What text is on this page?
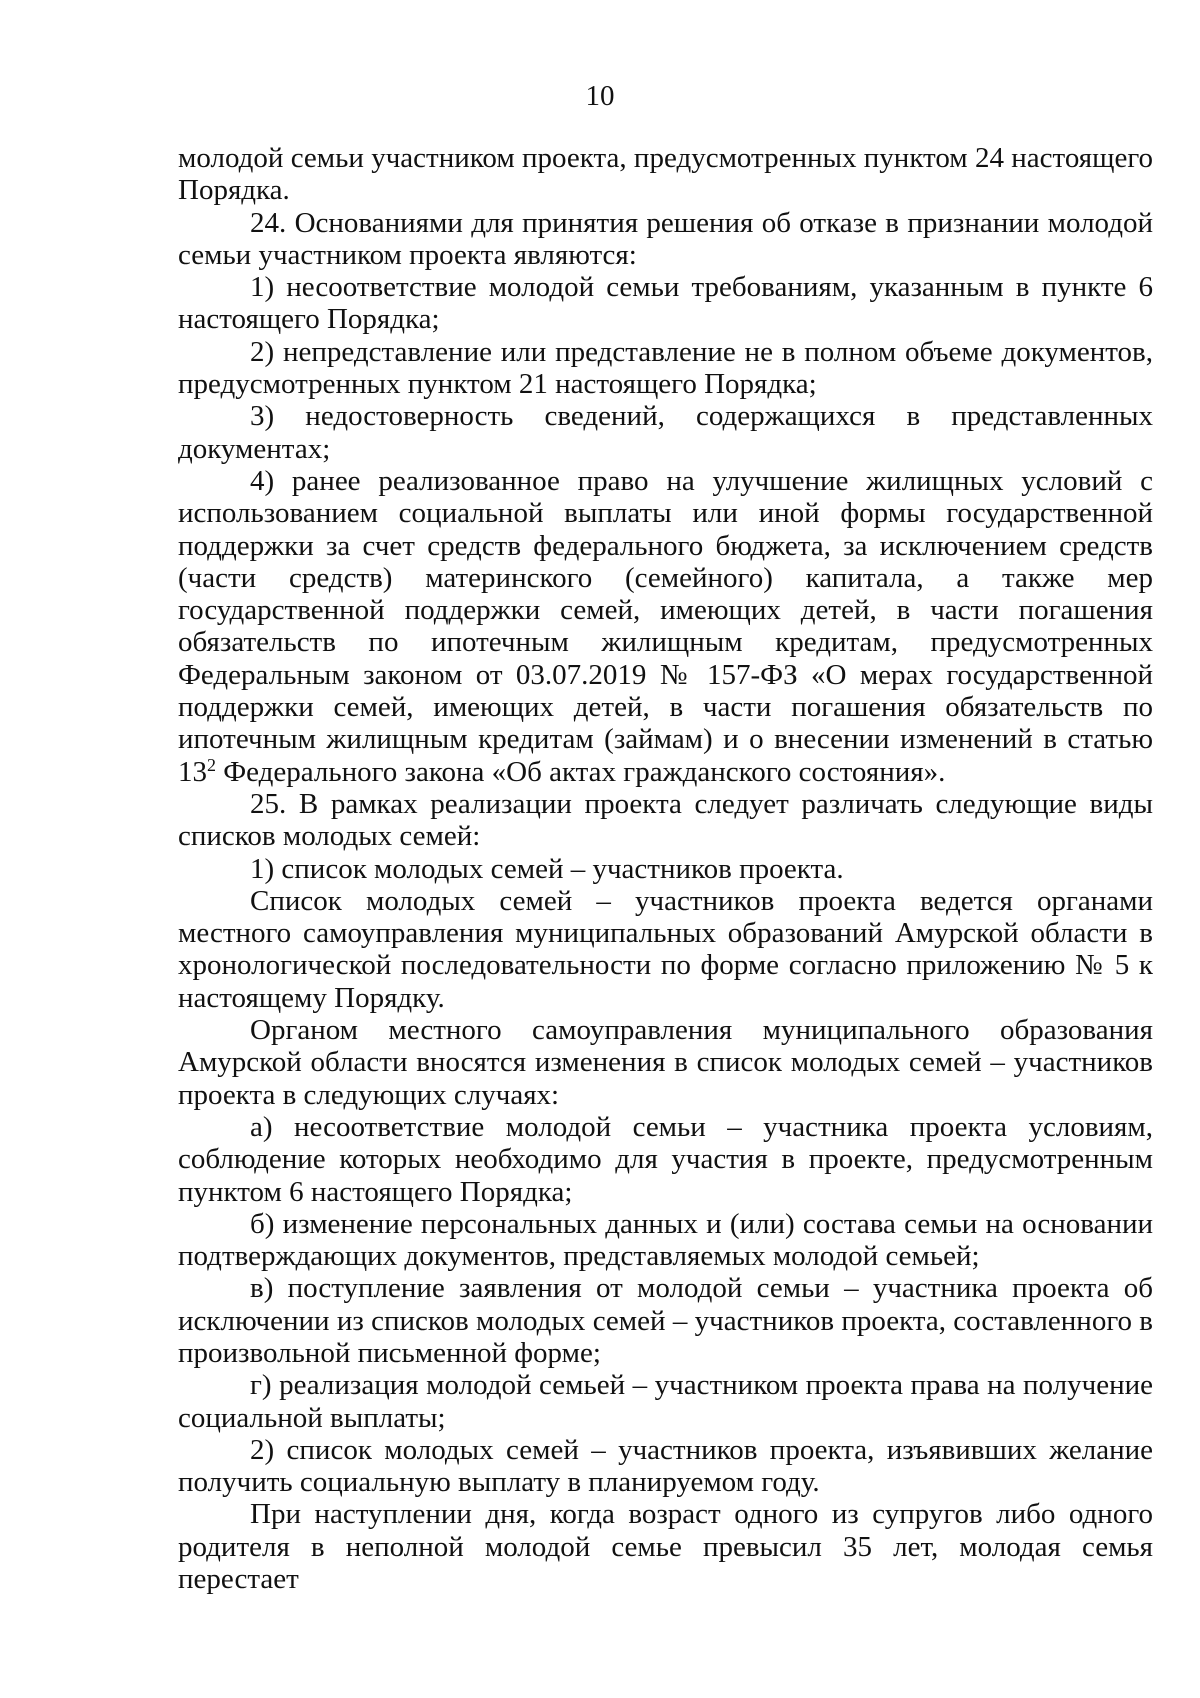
10

молодой семьи участником проекта, предусмотренных пунктом 24 настоящего Порядка.

24. Основаниями для принятия решения об отказе в признании молодой семьи участником проекта являются:

1) несоответствие молодой семьи требованиям, указанным в пункте 6 настоящего Порядка;

2) непредставление или представление не в полном объеме документов, предусмотренных пунктом 21 настоящего Порядка;

3) недостоверность сведений, содержащихся в представленных документах;

4) ранее реализованное право на улучшение жилищных условий с использованием социальной выплаты или иной формы государственной поддержки за счет средств федерального бюджета, за исключением средств (части средств) материнского (семейного) капитала, а также мер государственной поддержки семей, имеющих детей, в части погашения обязательств по ипотечным жилищным кредитам, предусмотренных Федеральным законом от 03.07.2019 № 157-ФЗ «О мерах государственной поддержки семей, имеющих детей, в части погашения обязательств по ипотечным жилищным кредитам (займам) и о внесении изменений в статью $13^2$ Федерального закона «Об актах гражданского состояния».

25. В рамках реализации проекта следует различать следующие виды списков молодых семей:

1) список молодых семей – участников проекта.

Список молодых семей – участников проекта ведется органами местного самоуправления муниципальных образований Амурской области в хронологической последовательности по форме согласно приложению № 5 к настоящему Порядку.

Органом местного самоуправления муниципального образования Амурской области вносятся изменения в список молодых семей – участников проекта в следующих случаях:

а) несоответствие молодой семьи – участника проекта условиям, соблюдение которых необходимо для участия в проекте, предусмотренным пунктом 6 настоящего Порядка;

б) изменение персональных данных и (или) состава семьи на основании подтверждающих документов, представляемых молодой семьей;

в) поступление заявления от молодой семьи – участника проекта об исключении из списков молодых семей – участников проекта, составленного в произвольной письменной форме;

г) реализация молодой семьей – участником проекта права на получение социальной выплаты;

2) список молодых семей – участников проекта, изъявивших желание получить социальную выплату в планируемом году.

При наступлении дня, когда возраст одного из супругов либо одного родителя в неполной молодой семье превысил 35 лет, молодая семья перестает
